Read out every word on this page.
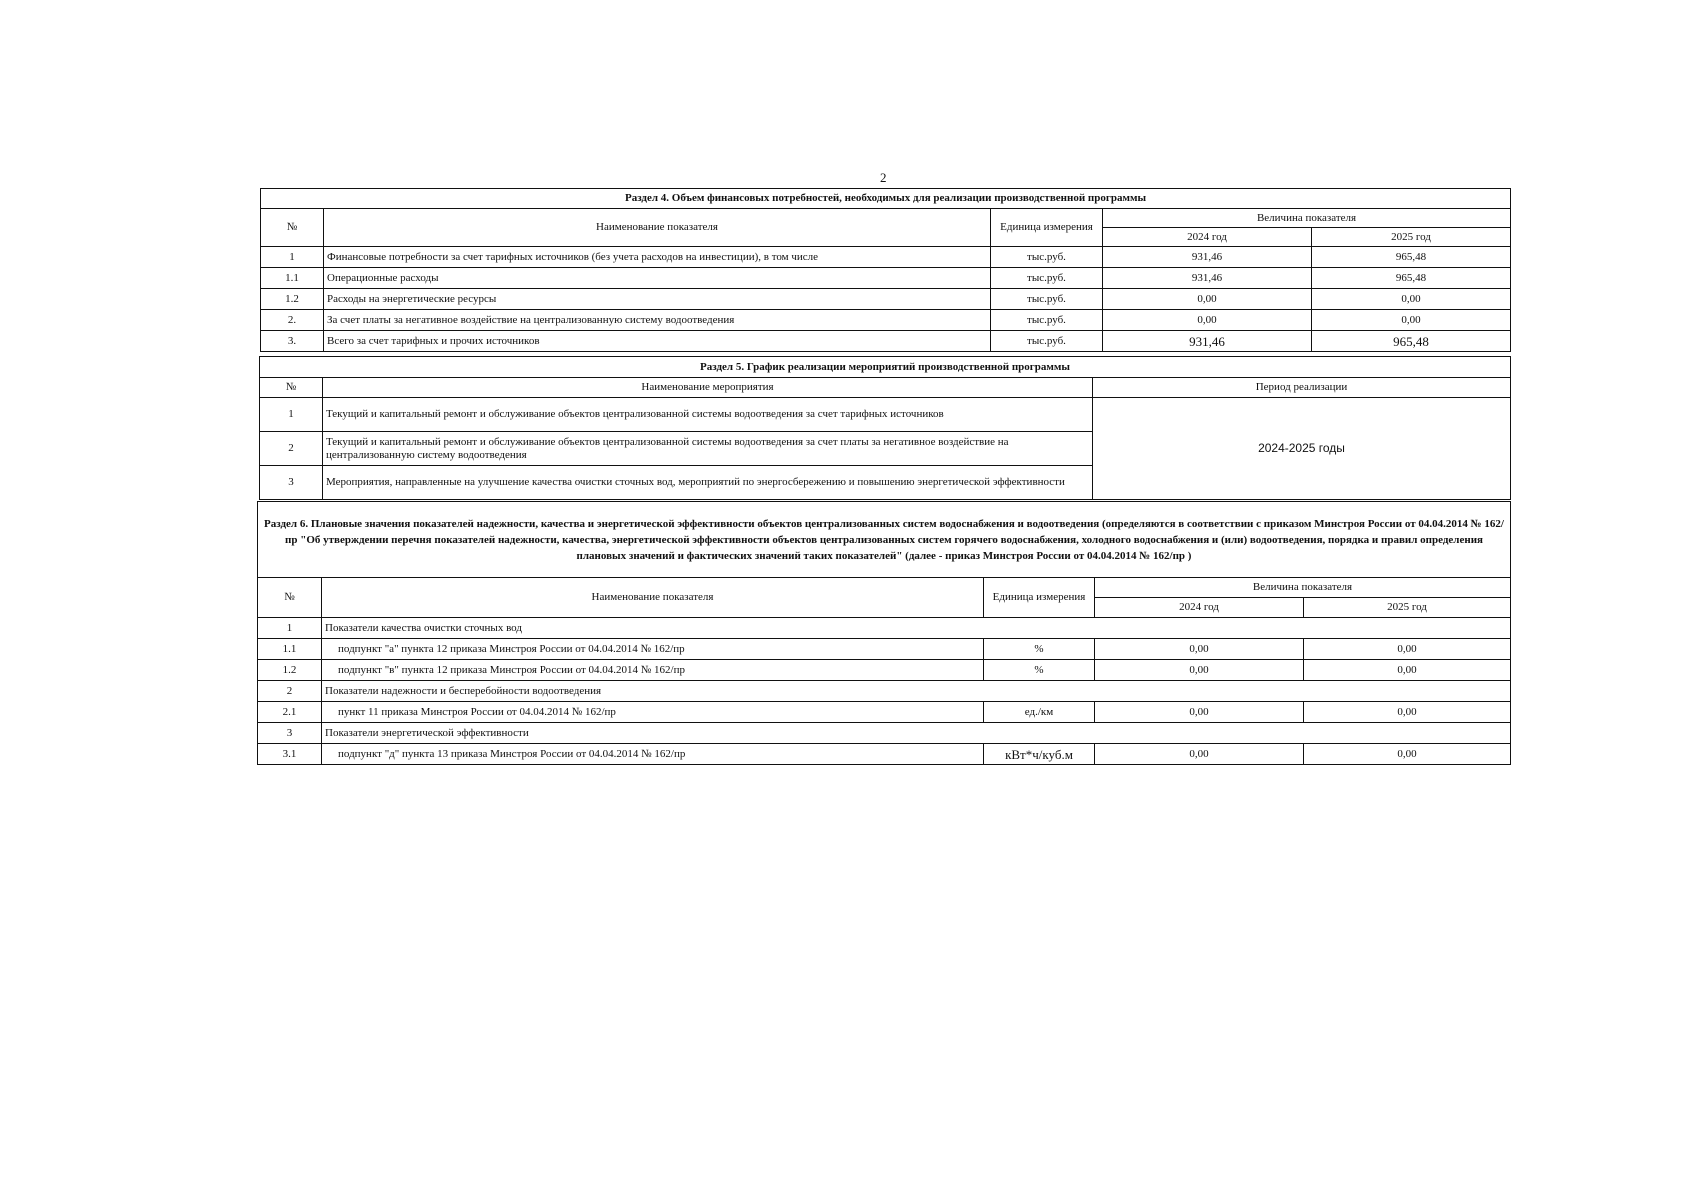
2
Раздел 4. Объем финансовых потребностей, необходимых для реализации производственной программы				
№	Наименование показателя	Единица измерения	Величина показателя	
			2024 год	2025 год
1	Финансовые потребности за счет тарифных источников (без учета расходов на инвестиции), в том числе	тыс.руб.	931,46	965,48
1.1	Операционные расходы	тыс.руб.	931,46	965,48
1.2	Расходы на энергетические ресурсы	тыс.руб.	0,00	0,00
2.	За счет платы за негативное воздействие на централизованную систему водоотведения	тыс.руб.	0,00	0,00
3.	Всего за счет тарифных и прочих источников	тыс.руб.	931,46	965,48
Раздел 5. График реализации мероприятий производственной программы		
№	Наименование мероприятия	Период реализации
1	Текущий и капитальный ремонт и обслуживание объектов централизованной системы водоотведения за счет тарифных источников	2024-2025 годы
2	Текущий и капитальный ремонт и обслуживание объектов централизованной системы водоотведения за счет платы за негативное воздействие на централизованную систему водоотведения	
3	Мероприятия, направленные на улучшение качества очистки сточных вод, мероприятий по энергосбережению и повышению энергетической эффективности	
Раздел 6. Плановые значения показателей надежности, качества и энергетической эффективности объектов централизованных систем водоснабжения и водоотведения (определяются в соответствии с приказом Минстроя России от 04.04.2014 № 162/пр "Об утверждении перечня показателей надежности, качества, энергетической эффективности объектов централизованных систем горячего водоснабжения, холодного водоснабжения и (или) водоотведения, порядка и правил определения плановых значений и фактических значений таких показателей" (далее - приказ Минстроя России от 04.04.2014 № 162/пр )				
№	Наименование показателя	Единица измерения	Величина показателя	
			2024 год	2025 год
1	Показатели качества очистки сточных вод			
1.1	подпункт "а" пункта 12 приказа Минстроя России от 04.04.2014 № 162/пр	%	0,00	0,00
1.2	подпункт "в" пункта 12 приказа Минстроя России от 04.04.2014 № 162/пр	%	0,00	0,00
2	Показатели надежности и бесперебойности водоотведения			
2.1	пункт 11 приказа Минстроя России от 04.04.2014 № 162/пр	ед./км	0,00	0,00
3	Показатели энергетической эффективности			
3.1	подпункт "д" пункта 13 приказа Минстроя России от 04.04.2014 № 162/пр	кВт*ч/куб.м	0,00	0,00
